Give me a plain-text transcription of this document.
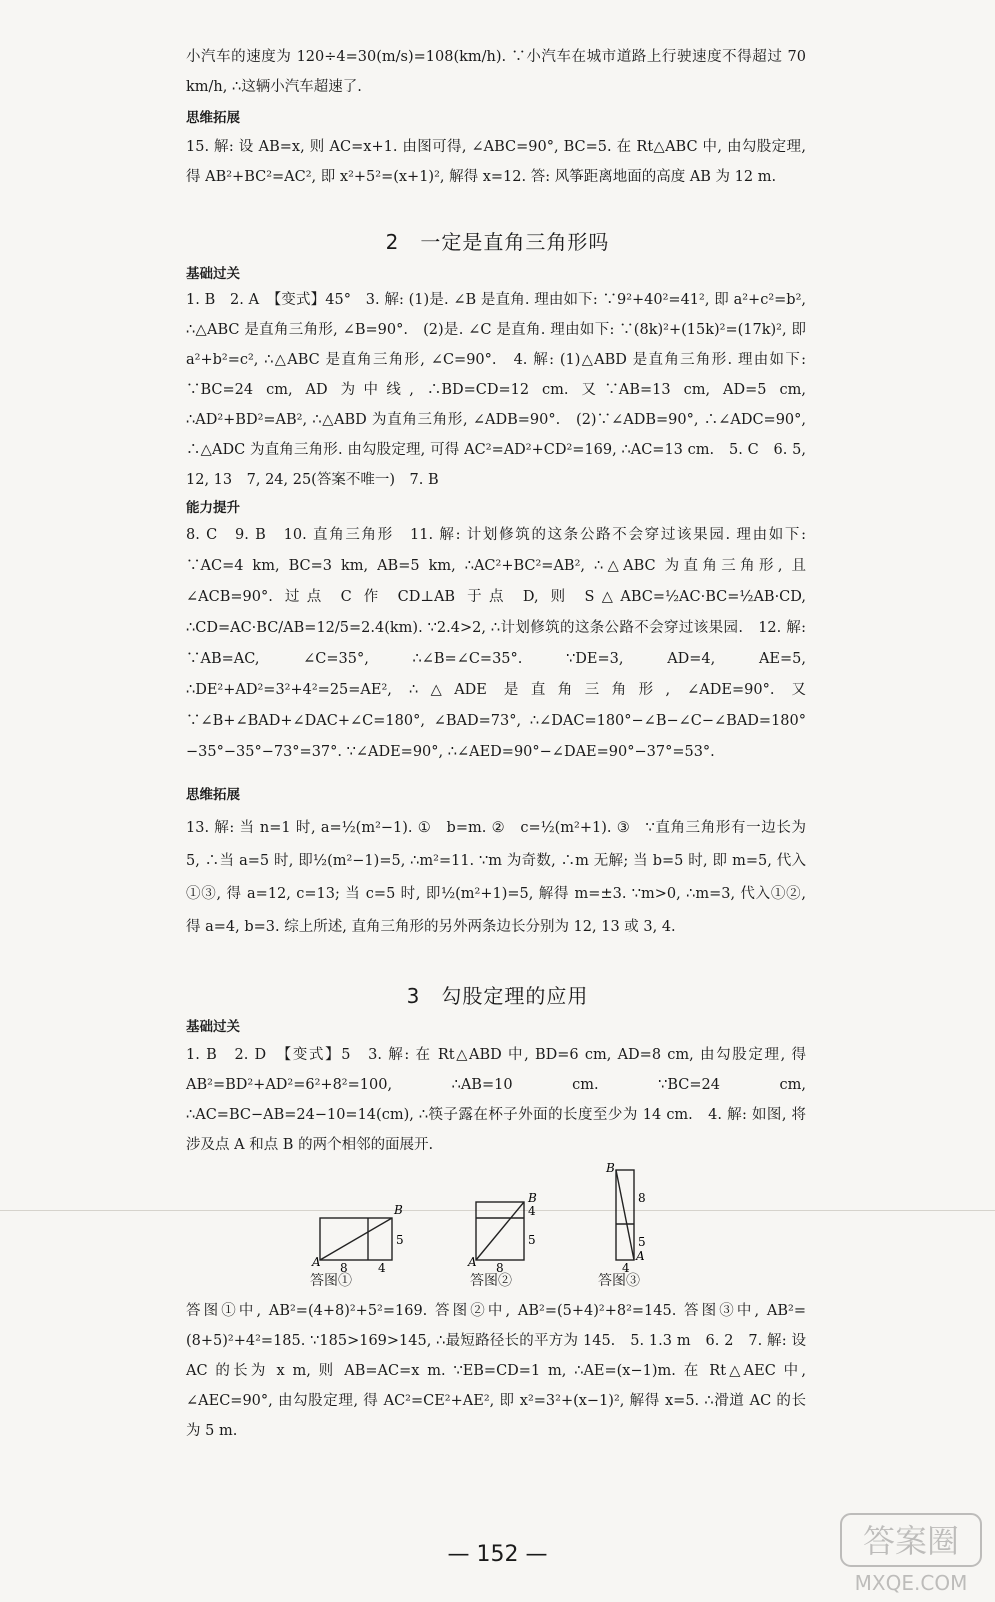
小汽车的速度为 120÷4=30(m/s)=108(km/h). ∵小汽车在城市道路上行驶速度不得超过 70 km/h, ∴这辆小汽车超速了.

思维拓展

15. 解: 设 AB=x, 则 AC=x+1. 由图可得, ∠ABC=90°, BC=5. 在 Rt△ABC 中, 由勾股定理, 得 AB²+BC²=AC², 即 x²+5²=(x+1)², 解得 x=12. 答: 风筝距离地面的高度 AB 为 12 m.

2　一定是直角三角形吗
基础过关

1. B　2. A　【变式】45°　3. 解: (1)是. ∠B 是直角. 理由如下: ∵9²+40²=41², 即 a²+c²=b², ∴△ABC 是直角三角形, ∠B=90°.　(2)是. ∠C 是直角. 理由如下: ∵(8k)²+(15k)²=(17k)², 即 a²+b²=c², ∴△ABC 是直角三角形, ∠C=90°.　4. 解: (1)△ABD 是直角三角形. 理由如下: ∵BC=24 cm, AD 为中线, ∴BD=CD=12 cm. 又∵AB=13 cm, AD=5 cm, ∴AD²+BD²=AB², ∴△ABD 为直角三角形, ∠ADB=90°.　(2)∵∠ADB=90°, ∴∠ADC=90°, ∴△ADC 为直角三角形. 由勾股定理, 可得 AC²=AD²+CD²=169, ∴AC=13 cm.　5. C　6. 5, 12, 13　7, 24, 25(答案不唯一)　7. B

能力提升

8. C　9. B　10. 直角三角形　11. 解: 计划修筑的这条公路不会穿过该果园. 理由如下: ∵AC=4 km, BC=3 km, AB=5 km, ∴AC²+BC²=AB², ∴△ABC 为直角三角形, 且∠ACB=90°. 过点 C 作 CD⊥AB 于点 D, 则 S△ABC=½AC·BC=½AB·CD, ∴CD=AC·BC/AB=12/5=2.4(km). ∵2.4>2, ∴计划修筑的这条公路不会穿过该果园.　12. 解: ∵AB=AC, ∠C=35°, ∴∠B=∠C=35°. ∵DE=3, AD=4, AE=5, ∴DE²+AD²=3²+4²=25=AE², ∴△ADE 是直角三角形, ∠ADE=90°. 又∵∠B+∠BAD+∠DAC+∠C=180°, ∠BAD=73°, ∴∠DAC=180°−∠B−∠C−∠BAD=180°−35°−35°−73°=37°. ∵∠ADE=90°, ∴∠AED=90°−∠DAE=90°−37°=53°.

思维拓展

13. 解: 当 n=1 时, a=½(m²−1). ①　b=m. ②　c=½(m²+1). ③　∵直角三角形有一边长为 5, ∴当 a=5 时, 即½(m²−1)=5, ∴m²=11. ∵m 为奇数, ∴m 无解; 当 b=5 时, 即 m=5, 代入①③, 得 a=12, c=13; 当 c=5 时, 即½(m²+1)=5, 解得 m=±3. ∵m>0, ∴m=3, 代入①②, 得 a=4, b=3. 综上所述, 直角三角形的另外两条边长分别为 12, 13 或 3, 4.

3　勾股定理的应用
基础过关

1. B　2. D　【变式】5　3. 解: 在 Rt△ABD 中, BD=6 cm, AD=8 cm, 由勾股定理, 得 AB²=BD²+AD²=6²+8²=100, ∴AB=10 cm. ∵BC=24 cm, ∴AC=BC−AB=24−10=14(cm), ∴筷子露在杯子外面的长度至少为 14 cm.　4. 解: 如图, 将涉及点 A 和点 B 的两个相邻的面展开.

A
B
8	4
5
A
B
8
5
4
B
A
4
8
5
答图①	答图②	答图③

答图①中, AB²=(4+8)²+5²=169. 答图②中, AB²=(5+4)²+8²=145. 答图③中, AB²=(8+5)²+4²=185. ∵185>169>145, ∴最短路径长的平方为 145.　5. 1.3 m　6. 2　7. 解: 设 AC 的长为 x m, 则 AB=AC=x m. ∵EB=CD=1 m, ∴AE=(x−1)m. 在 Rt△AEC 中, ∠AEC=90°, 由勾股定理, 得 AC²=CE²+AE², 即 x²=3²+(x−1)², 解得 x=5. ∴滑道 AC 的长为 5 m.

— 152 —	答案圈
MXQE.COM
